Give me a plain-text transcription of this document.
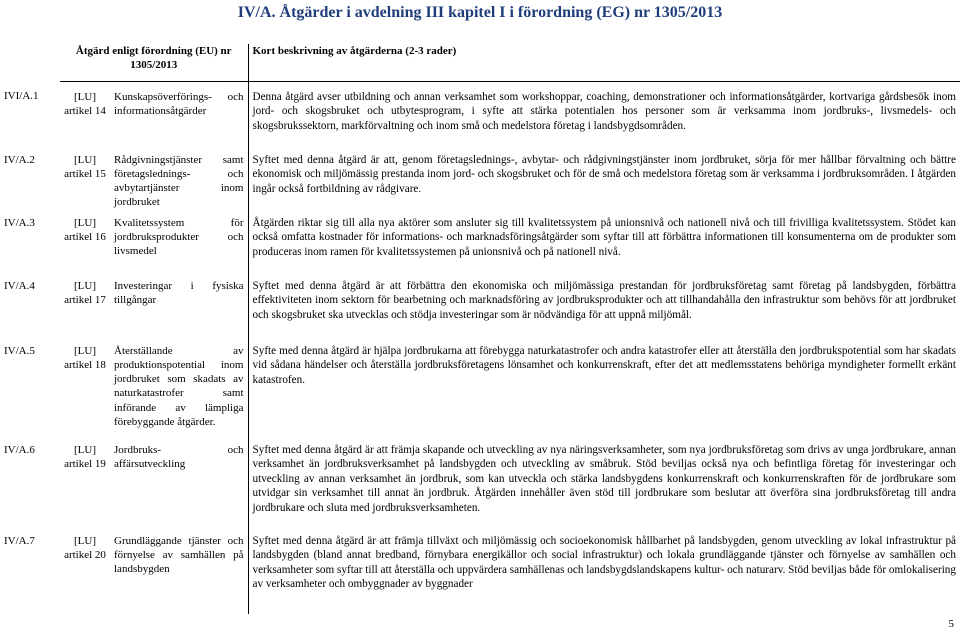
IV/A. Åtgärder i avdelning III kapitel I i förordning (EG) nr 1305/2013
	Åtgärd enligt förordning (EU) nr 1305/2013		Kort beskrivning av åtgärderna (2-3 rader)
IVI/A.1	[LU] artikel 14	Kunskapsöverförings- och informationsåtgärder	Denna åtgärd avser utbildning och annan verksamhet som workshoppar, coaching, demonstrationer och informationsåtgärder, kortvariga gårdsbesök inom jord- och skogsbruket och utbytesprogram, i syfte att stärka potentialen hos personer som är verksamma inom jordbruks-, livsmedels- och skogsbrukssektorn, markförvaltning och inom små och medelstora företag i landsbygdsområden.
IV/A.2	[LU] artikel 15	Rådgivningstjänster samt företagslednings- och avbytartjänster inom jordbruket	Syftet med denna åtgärd är att, genom företagslednings-, avbytar- och rådgivningstjänster inom jordbruket, sörja för mer hållbar förvaltning och bättre ekonomisk och miljömässig prestanda inom jord- och skogsbruket och för de små och medelstora företag som är verksamma i jordbruksområden. I åtgärden ingår också fortbildning av rådgivare.
IV/A.3	[LU] artikel 16	Kvalitetssystem för jordbruksprodukter och livsmedel	Åtgärden riktar sig till alla nya aktörer som ansluter sig till kvalitetssystem på unionsnivå och nationell nivå och till frivilliga kvalitetssystem. Stödet kan också omfatta kostnader för informations- och marknadsföringsåtgärder som syftar till att förbättra informationen till konsumenterna om de produkter som produceras inom ramen för kvalitetssystemen på unionsnivå och på nationell nivå.
IV/A.4	[LU] artikel 17	Investeringar i fysiska tillgångar	Syftet med denna åtgärd är att förbättra den ekonomiska och miljömässiga prestandan för jordbruksföretag samt företag på landsbygden, förbättra effektiviteten inom sektorn för bearbetning och marknadsföring av jordbruksprodukter och att tillhandahålla den infrastruktur som behövs för att jordbruket och skogsbruket ska utvecklas och stödja investeringar som är nödvändiga för att uppnå miljömål.
IV/A.5	[LU] artikel 18	Återställande av produktionspotential inom jordbruket som skadats av naturkatastrofer samt införande av lämpliga förebyggande åtgärder.	Syfte med denna åtgärd är hjälpa jordbrukarna att förebygga naturkatastrofer och andra katastrofer eller att återställa den jordbrukspotential som har skadats vid sådana händelser och återställa jordbruksföretagens lönsamhet och konkurrenskraft, efter det att medlemsstatens behöriga myndigheter formellt erkänt katastrofen.
IV/A.6	[LU] artikel 19	Jordbruks- och affärsutveckling	Syftet med denna åtgärd är att främja skapande och utveckling av nya näringsverksamheter, som nya jordbruksföretag som drivs av unga jordbrukare, annan verksamhet än jordbruksverksamhet på landsbygden och utveckling av småbruk. Stöd beviljas också nya och befintliga företag för investeringar och utveckling av annan verksamhet än jordbruk, som kan utveckla och stärka landsbygdens konkurrenskraft och konkurrenskraften för de jordbrukare som utvidgar sin verksamhet till annat än jordbruk. Åtgärden innehåller även stöd till jordbrukare som beslutar att överföra sina jordbruksföretag till andra jordbrukare och sluta med jordbruksverksamheten.
IV/A.7	[LU] artikel 20	Grundläggande tjänster och förnyelse av samhällen på landsbygden	Syftet med denna åtgärd är att främja tillväxt och miljömässig och socioekonomisk hållbarhet på landsbygden, genom utveckling av lokal infrastruktur på landsbygden (bland annat bredband, förnybara energikällor och social infrastruktur) och lokala grundläggande tjänster och förnyelse av samhällen och verksamheter som syftar till att återställa och uppvärdera samhällenas och landsbygdslandskapens kultur- och naturarv. Stöd beviljas både för omlokalisering av verksamheter och ombyggnader av byggnader
5
